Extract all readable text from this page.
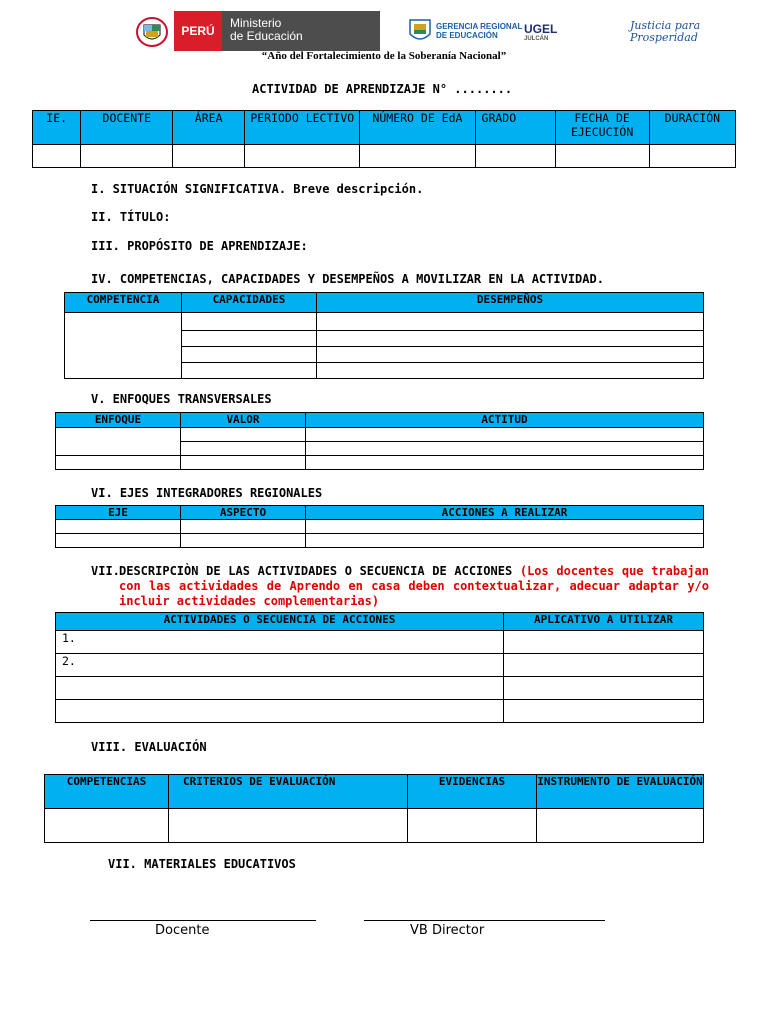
PERÚ
Ministerio
de Educación
GERENCIA REGIONAL
DE EDUCACIÓN	UGEL
JULCÁN
Justicia para
Prosperidad
“Año del Fortalecimiento de la Soberanía Nacional”
ACTIVIDAD DE APRENDIZAJE N° ........
IE.	DOCENTE	ÁREA	PERIODO LECTIVO	NÚMERO DE EdA	GRADO	FECHA DE EJECUCIÓN	DURACIÓN

I. SITUACIÓN SIGNIFICATIVA. Breve descripción.
II. TÍTULO:
III. PROPÓSITO DE APRENDIZAJE:
IV. COMPETENCIAS, CAPACIDADES Y DESEMPEÑOS A MOVILIZAR EN LA ACTIVIDAD.
COMPETENCIA	CAPACIDADES	DESEMPEÑOS

V. ENFOQUES TRANSVERSALES
ENFOQUE	VALOR	ACTITUD

VI. EJES INTEGRADORES REGIONALES
EJE	ASPECTO	ACCIONES A REALIZAR

VII. DESCRIPCIÒN DE LAS ACTIVIDADES O SECUENCIA DE ACCIONES (Los docentes que trabajan con las actividades de Aprendo en casa deben contextualizar, adecuar adaptar y/o incluir actividades complementarias)
ACTIVIDADES O SECUENCIA DE ACCIONES	APLICATIVO A UTILIZAR
1.	
2.	

VIII. EVALUACIÓN
COMPETENCIAS	CRITERIOS DE EVALUACIÓN	EVIDENCIAS	INSTRUMENTO DE EVALUACIÓN

VII. MATERIALES EDUCATIVOS
Docente	VB Director
